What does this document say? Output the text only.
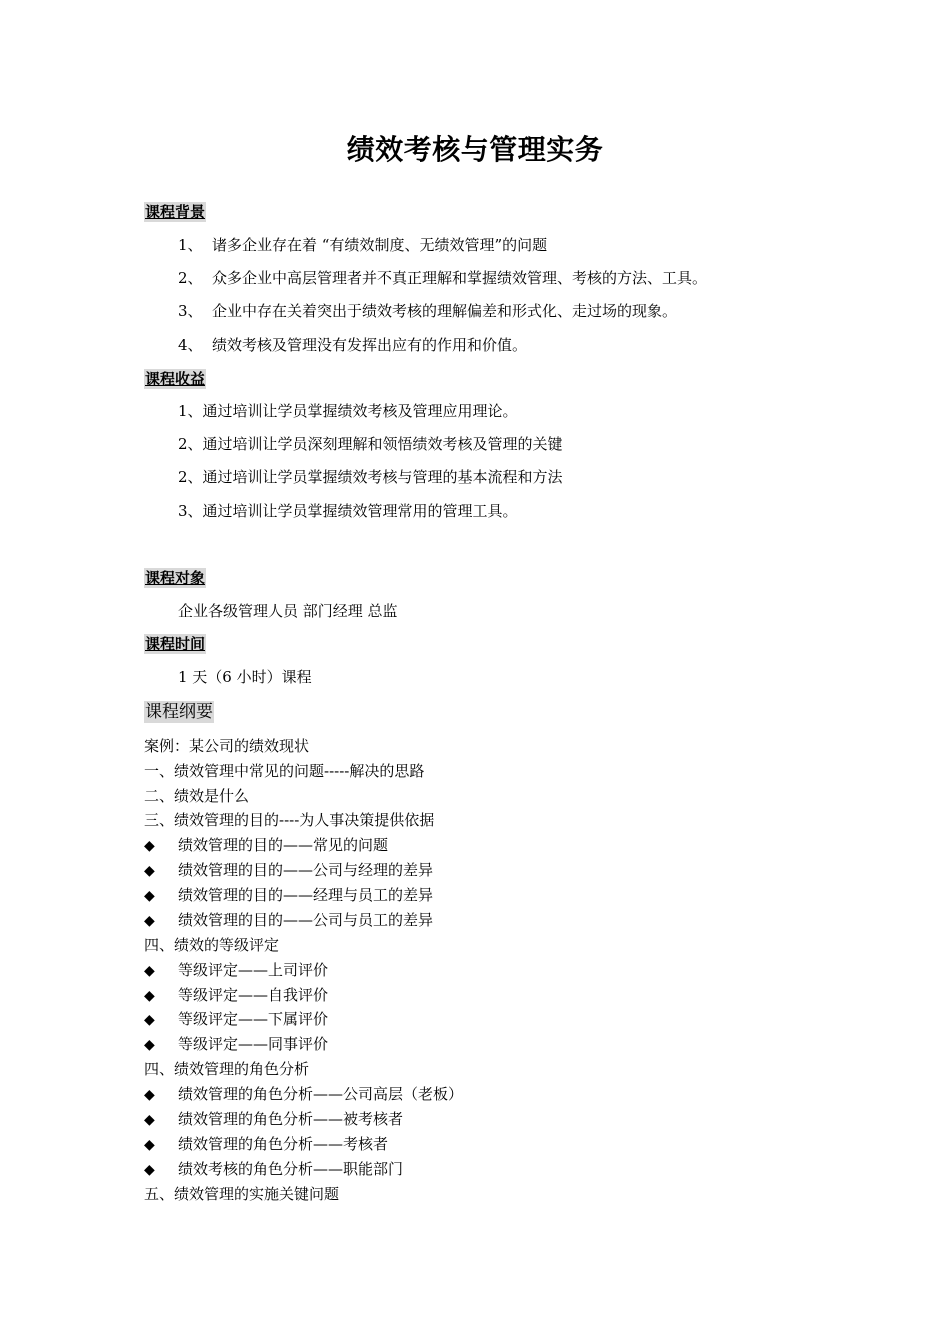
绩效考核与管理实务
课程背景
1、 诸多企业存在着 “有绩效制度、无绩效管理”的问题
2、 众多企业中高层管理者并不真正理解和掌握绩效管理、考核的方法、工具。
3、 企业中存在关着突出于绩效考核的理解偏差和形式化、走过场的现象。
4、 绩效考核及管理没有发挥出应有的作用和价值。
课程收益
1、通过培训让学员掌握绩效考核及管理应用理论。
2、通过培训让学员深刻理解和领悟绩效考核及管理的关键
2、通过培训让学员掌握绩效考核与管理的基本流程和方法
3、通过培训让学员掌握绩效管理常用的管理工具。
课程对象
企业各级管理人员 部门经理 总监
课程时间
1 天（6 小时）课程
课程纲要
案例：某公司的绩效现状
一、绩效管理中常见的问题-----解决的思路
二、绩效是什么
三、绩效管理的目的----为人事决策提供依据
◆ 绩效管理的目的——常见的问题
◆ 绩效管理的目的——公司与经理的差异
◆ 绩效管理的目的——经理与员工的差异
◆ 绩效管理的目的——公司与员工的差异
四、绩效的等级评定
◆ 等级评定——上司评价
◆ 等级评定——自我评价
◆ 等级评定——下属评价
◆ 等级评定——同事评价
四、绩效管理的角色分析
◆ 绩效管理的角色分析——公司高层（老板）
◆ 绩效管理的角色分析——被考核者
◆ 绩效管理的角色分析——考核者
◆ 绩效考核的角色分析——职能部门
五、绩效管理的实施关键问题
